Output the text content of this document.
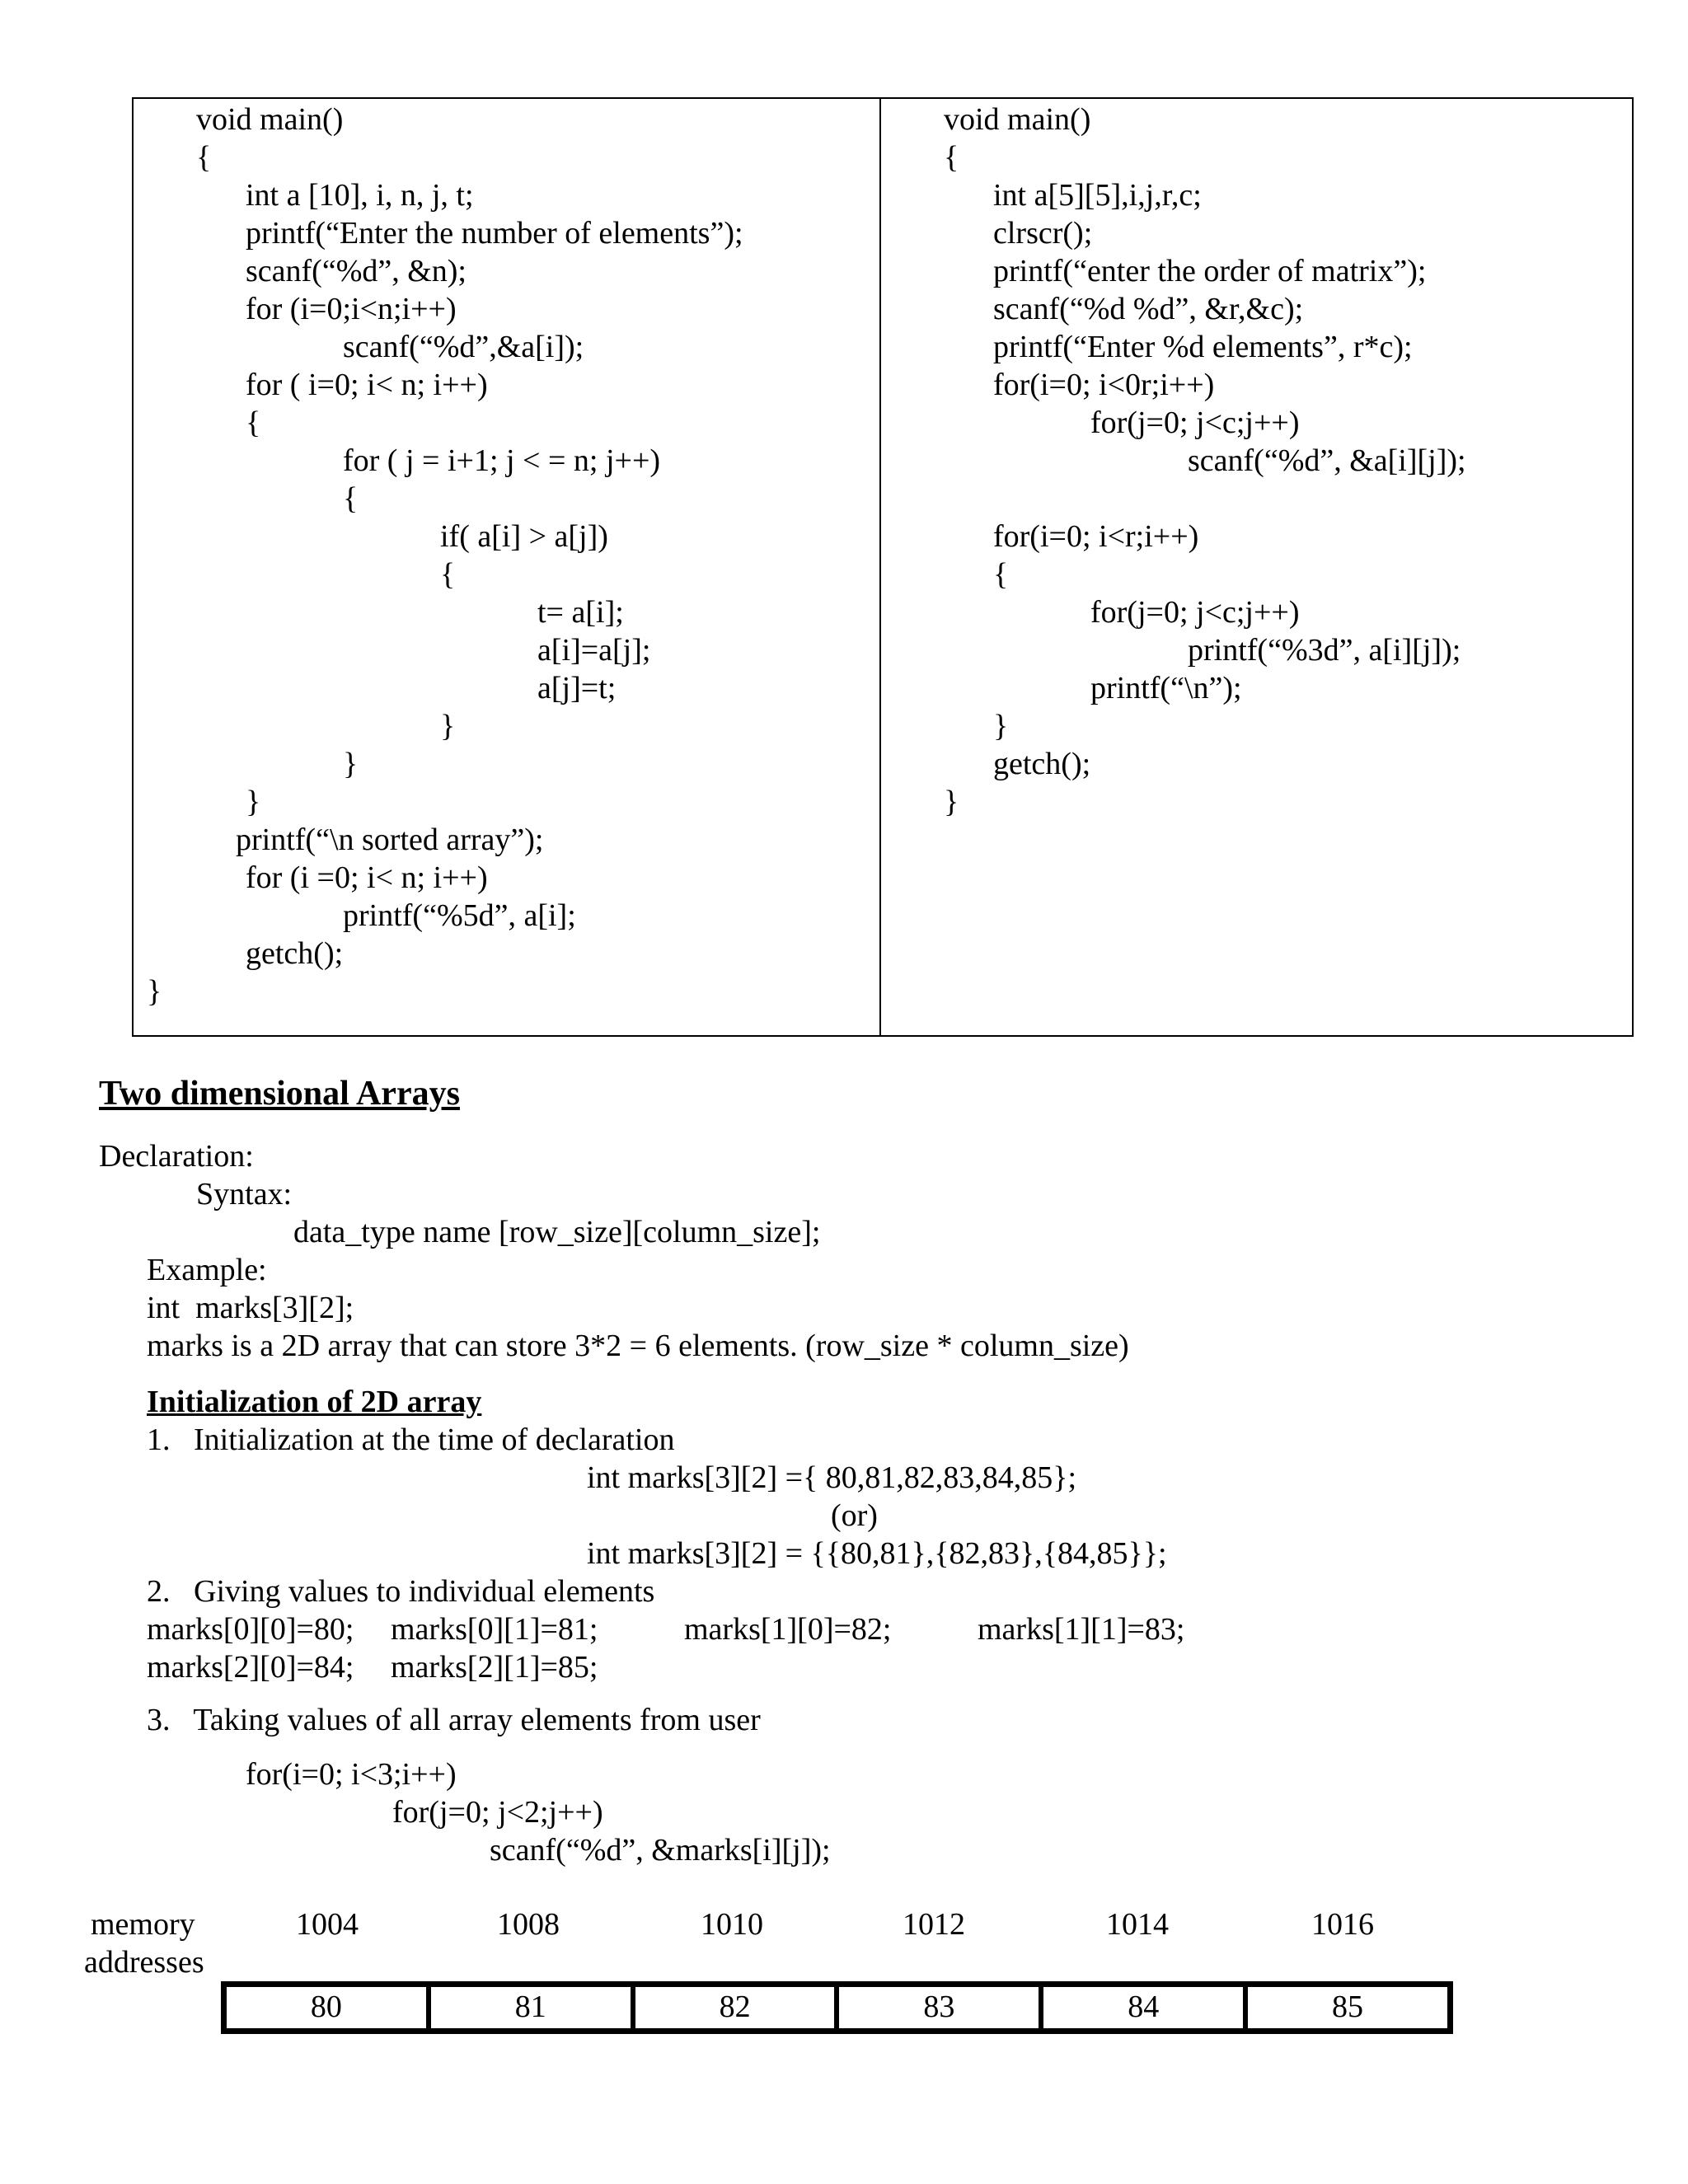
void main()
{
int a [10], i, n, j, t;
printf(“Enter the number of elements”);
scanf(“%d”, &n);
for (i=0;i<n;i++)
scanf(“%d”,&a[i]);
for ( i=0; i< n; i++)
{
for ( j = i+1; j < = n; j++)
{
if( a[i] > a[j])
{
t= a[i];
a[i]=a[j];
a[j]=t;
}
}
}
printf(“\n sorted array”);
for (i =0; i< n; i++)
printf(“%5d”, a[i];
getch();
}
void main()
{
int a[5][5],i,j,r,c;
clrscr();
printf(“enter the order of matrix”);
scanf(“%d %d”, &r,&c);
printf(“Enter %d elements”, r*c);
for(i=0; i<0r;i++)
for(j=0; j<c;j++)
scanf(“%d”, &a[i][j]);
for(i=0; i<r;i++)
{
for(j=0; j<c;j++)
printf(“%3d”, a[i][j]);
printf(“\n”);
}
getch();
}
Two dimensional Arrays
Declaration:
Syntax:
data_type name [row_size][column_size];
Example:
int  marks[3][2];
marks is a 2D array that can store 3*2 = 6 elements. (row_size * column_size)
Initialization of 2D array
1.   Initialization at the time of declaration
int marks[3][2] ={ 80,81,82,83,84,85};
(or)
int marks[3][2] = {{80,81},{82,83},{84,85}};
2.   Giving values to individual elements
marks[0][0]=80; marks[0][1]=81;	marks[1][0]=82;	marks[1][1]=83;
marks[2][0]=84; marks[2][1]=85;
3.   Taking values of all array elements from user
for(i=0; i<3;i++)
for(j=0; j<2;j++)
scanf(“%d”, &marks[i][j]);
memory
addresses
1004	1008	1010	1012	1014	1016
80	81	82	83	84	85
